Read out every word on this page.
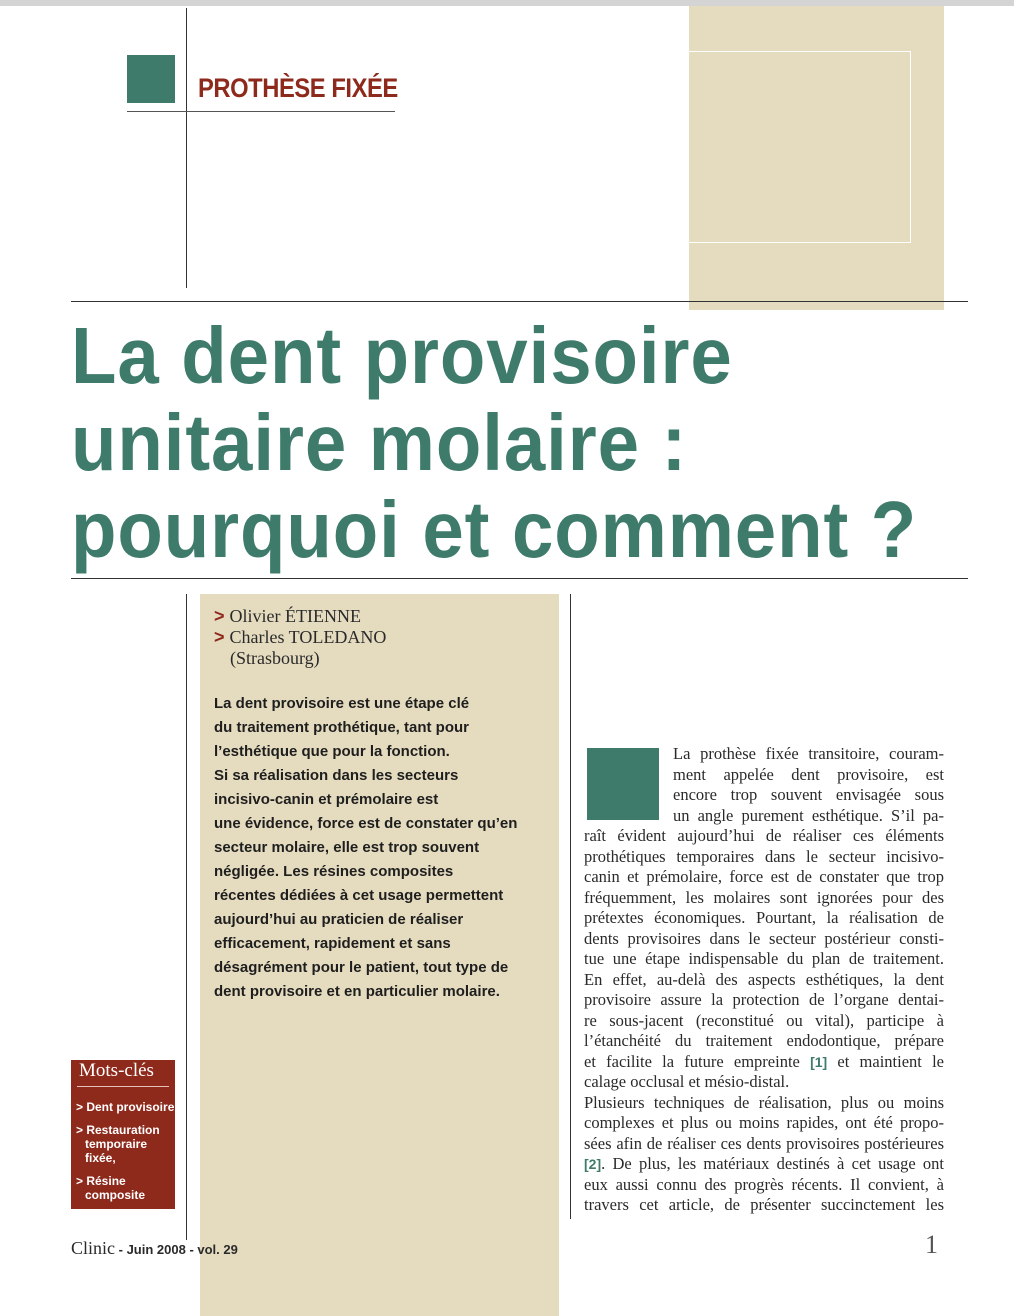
PROTHÈSE FIXÉE
La dent provisoire
unitaire molaire :
pourquoi et comment ?
> Olivier ÉTIENNE
> Charles TOLEDANO
(Strasbourg)
La dent provisoire est une étape clé
du traitement prothétique, tant pour
l’esthétique que pour la fonction.
Si sa réalisation dans les secteurs
incisivo-canin et prémolaire est
une évidence, force est de constater qu’en
secteur molaire, elle est trop souvent
négligée. Les résines composites
récentes dédiées à cet usage permettent
aujourd’hui au praticien de réaliser
efficacement, rapidement et sans
désagrément pour le patient, tout type de
dent provisoire et en particulier molaire.
Mots-clés
> Dent provisoire
> Restauration
temporaire
fixée,
> Résine
composite
La prothèse fixée transitoire, couram-
ment appelée dent provisoire, est
encore trop souvent envisagée sous
un angle purement esthétique. S’il pa-
raît évident aujourd’hui de réaliser ces éléments
prothétiques temporaires dans le secteur incisivo-
canin et prémolaire, force est de constater que trop
fréquemment, les molaires sont ignorées pour des
prétextes économiques. Pourtant, la réalisation de
dents provisoires dans le secteur postérieur consti-
tue une étape indispensable du plan de traitement.
En effet, au-delà des aspects esthétiques, la dent
provisoire assure la protection de l’organe dentai-
re sous-jacent (reconstitué ou vital), participe à
l’étanchéité du traitement endodontique, prépare
et facilite la future empreinte [1] et maintient le
calage occlusal et mésio-distal.
Plusieurs techniques de réalisation, plus ou moins
complexes et plus ou moins rapides, ont été propo-
sées afin de réaliser ces dents provisoires postérieures
[2]. De plus, les matériaux destinés à cet usage ont
eux aussi connu des progrès récents. Il convient, à
travers cet article, de présenter succinctement les
Clinic - Juin 2008 - vol. 29	1
